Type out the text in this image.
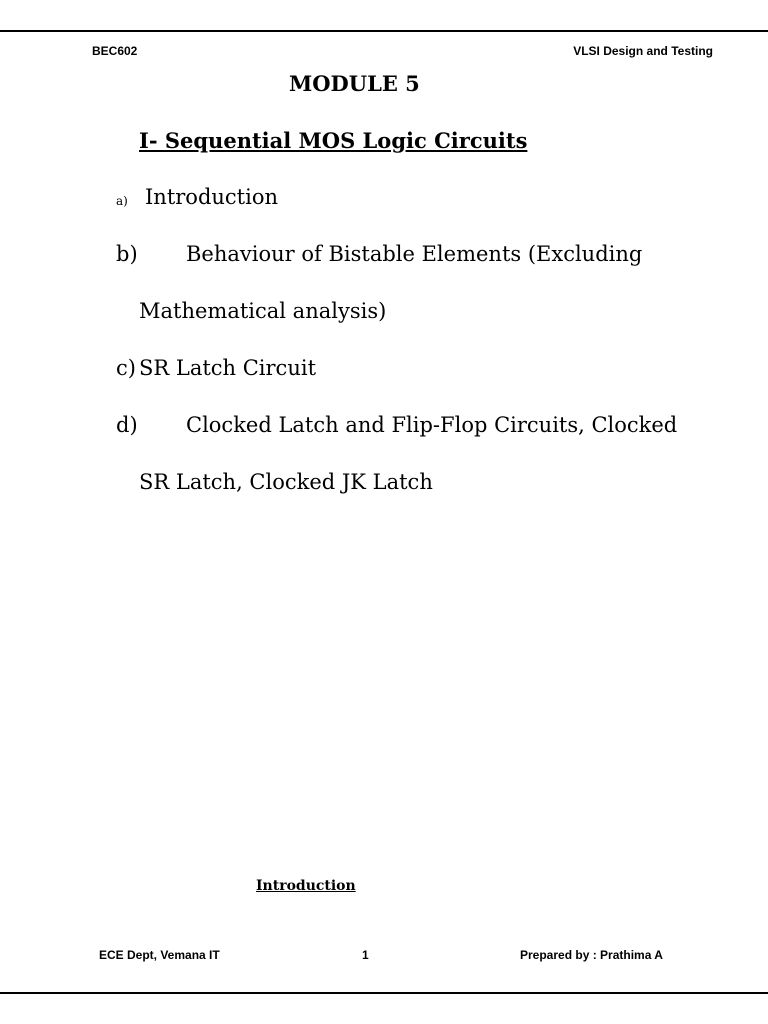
BEC602	VLSI Design and Testing
MODULE 5
I- Sequential MOS Logic Circuits
a) Introduction
b) Behaviour of Bistable Elements (Excluding
Mathematical analysis)
c) SR Latch Circuit
d) Clocked Latch and Flip-Flop Circuits, Clocked
SR Latch, Clocked JK Latch
Introduction
ECE Dept, Vemana IT	1	Prepared by : Prathima A
